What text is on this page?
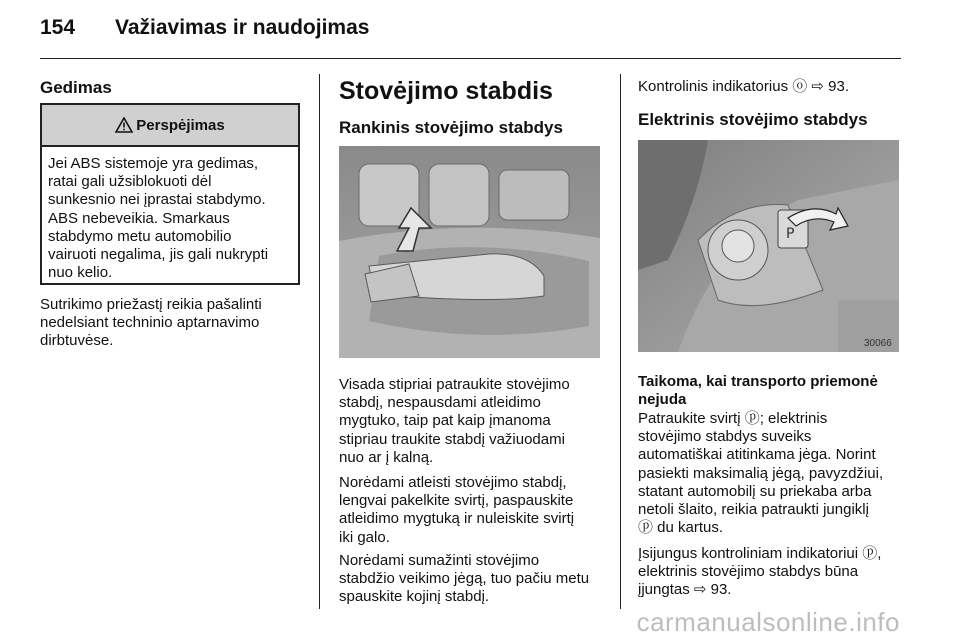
154 Važiavimas ir naudojimas
Gedimas
Perspėjimas
Jei ABS sistemoje yra gedimas,
ratai gali užsiblokuoti dėl
sunkesnio nei įprastai stabdymo.
ABS nebeveikia. Smarkaus
stabdymo metu automobilio
vairuoti negalima, jis gali nukrypti
nuo kelio.
Sutrikimo priežastį reikia pašalinti
nedelsiant techninio aptarnavimo
dirbtuvėse.
Stovėjimo stabdis
Rankinis stovėjimo stabdys
Visada stipriai patraukite stovėjimo
stabdį, nespausdami atleidimo
mygtuko, taip pat kaip įmanoma
stipriau traukite stabdį važiuodami
nuo ar į kalną.
Norėdami atleisti stovėjimo stabdį,
lengvai pakelkite svirtį, paspauskite
atleidimo mygtuką ir nuleiskite svirtį
iki galo.
Norėdami sumažinti stovėjimo
stabdžio veikimo jėgą, tuo pačiu metu
spauskite kojinį stabdį.
Kontrolinis indikatorius ⓞ ⇨ 93.
Elektrinis stovėjimo stabdys
P
30066
Taikoma, kai transporto priemonė
nejuda
Patraukite svirtį ⓟ; elektrinis
stovėjimo stabdys suveiks
automatiškai atitinkama jėga. Norint
pasiekti maksimalią jėgą, pavyzdžiui,
statant automobilį su priekaba arba
netoli šlaito, reikia patraukti jungiklį
ⓟ du kartus.
Įsijungus kontroliniam indikatoriui ⓟ,
elektrinis stovėjimo stabdys būna
įjungtas ⇨ 93.
carmanualsonline.info
